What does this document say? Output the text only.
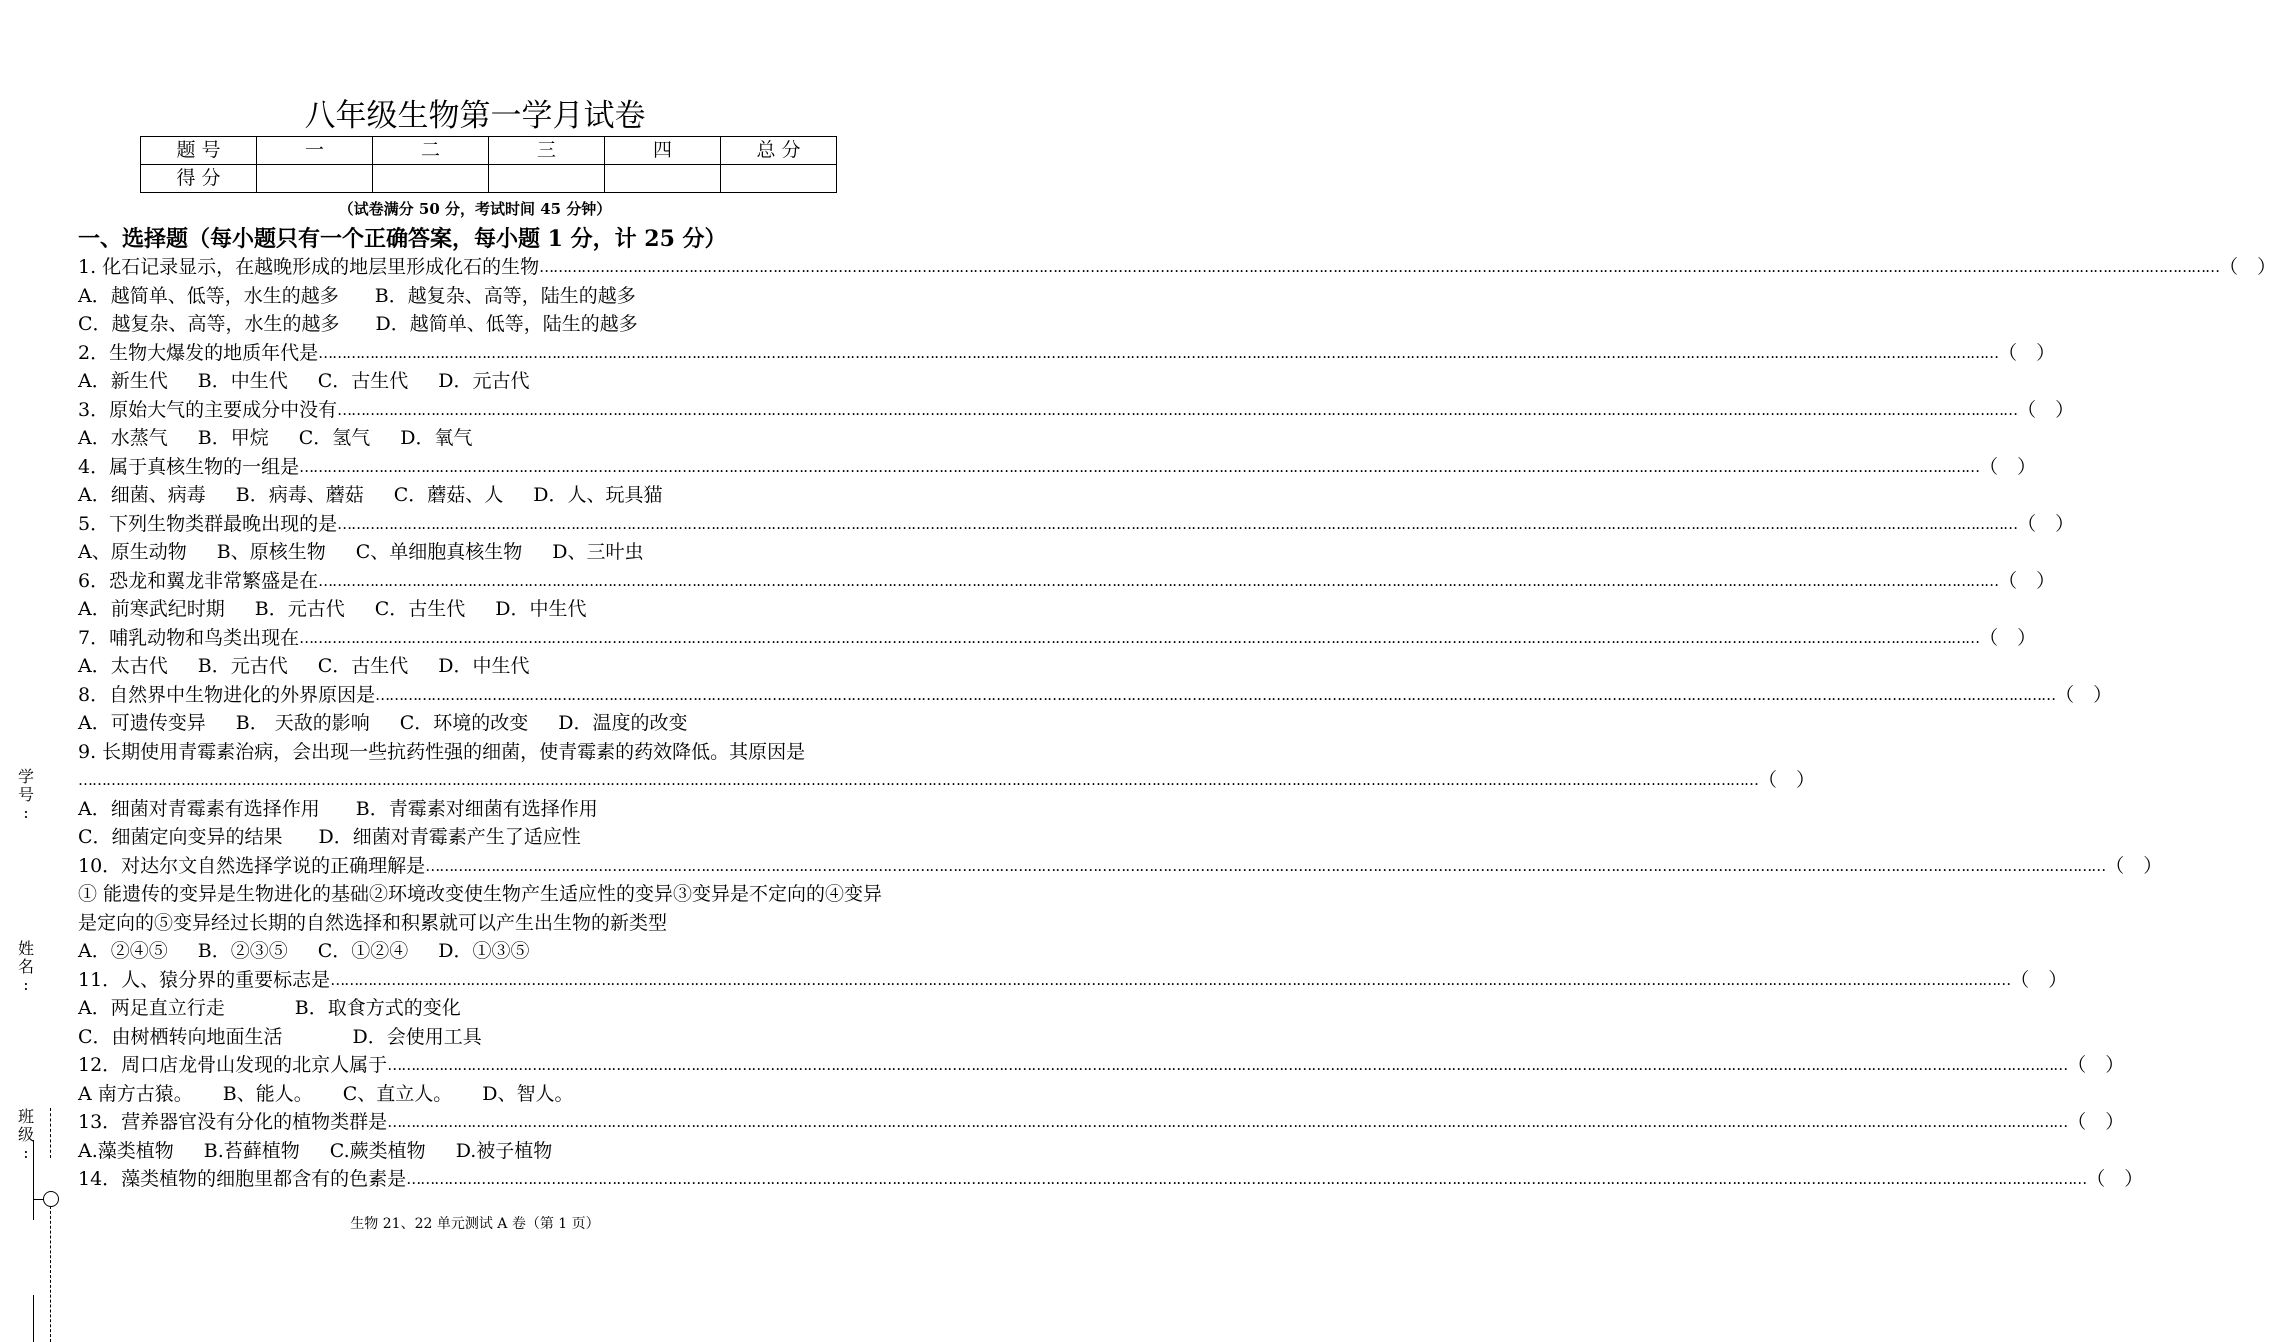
八年级生物第一学月试卷
题 号	一	二	三	四	总 分
得 分					
（试卷满分 50 分，考试时间 45 分钟）
一、选择题（每小题只有一个正确答案，每小题 1 分，计 25 分）
1. 化石记录显示，在越晚形成的地层里形成化石的生物 ……………………………………………………………………………………………………………………………………………………………………………………………………………………………………………………………………………………………………………………………… （　）
A．越简单、低等，水生的越多 B．越复杂、高等，陆生的越多
C．越复杂、高等，水生的越多 D．越简单、低等，陆生的越多
2．生物大爆发的地质年代是 ……………………………………………………………………………………………………………………………………………………………………………………………………………………………………………………………………………………………………………………………… （　）
A．新生代 B．中生代 C．古生代 D．元古代
3．原始大气的主要成分中没有 ……………………………………………………………………………………………………………………………………………………………………………………………………………………………………………………………………………………………………………………………… （　）
A．水蒸气 B．甲烷 C．氢气 D．氧气
4．属于真核生物的一组是 ……………………………………………………………………………………………………………………………………………………………………………………………………………………………………………………………………………………………………………………………… （　）
A．细菌、病毒 B．病毒、蘑菇 C．蘑菇、人 D．人、玩具猫
5．下列生物类群最晚出现的是 ……………………………………………………………………………………………………………………………………………………………………………………………………………………………………………………………………………………………………………………………… （　）
A、原生动物 B、原核生物 C、单细胞真核生物 D、三叶虫
6．恐龙和翼龙非常繁盛是在 ……………………………………………………………………………………………………………………………………………………………………………………………………………………………………………………………………………………………………………………………… （　）
A．前寒武纪时期 B．元古代 C．古生代 D．中生代
7．哺乳动物和鸟类出现在 ……………………………………………………………………………………………………………………………………………………………………………………………………………………………………………………………………………………………………………………………… （　）
A．太古代 B．元古代 C．古生代 D．中生代
8．自然界中生物进化的外界原因是 ……………………………………………………………………………………………………………………………………………………………………………………………………………………………………………………………………………………………………………………………… （　）
A．可遗传变异 B． 天敌的影响 C．环境的改变 D．温度的改变
9. 长期使用青霉素治病，会出现一些抗药性强的细菌，使青霉素的药效降低。其原因是
……………………………………………………………………………………………………………………………………………………………………………………………………………………………………………………………………………………………………………………………… （　）
A．细菌对青霉素有选择作用 B．青霉素对细菌有选择作用
C．细菌定向变异的结果 D．细菌对青霉素产生了适应性
10．对达尔文自然选择学说的正确理解是 ……………………………………………………………………………………………………………………………………………………………………………………………………………………………………………………………………………………………………………………………… （　）
① 能遗传的变异是生物进化的基础②环境改变使生物产生适应性的变异③变异是不定向的④变异是定向的⑤变异经过长期的自然选择和积累就可以产生出生物的新类型
A．②④⑤ B．②③⑤ C．①②④ D．①③⑤
11．人、猿分界的重要标志是 ……………………………………………………………………………………………………………………………………………………………………………………………………………………………………………………………………………………………………………………………… （　）
A．两足直立行走	B．取食方式的变化
C．由树栖转向地面生活	D．会使用工具
12．周口店龙骨山发现的北京人属于 ……………………………………………………………………………………………………………………………………………………………………………………………………………………………………………………………………………………………………………………………… （　）
A 南方古猿。 B、能人。 C、直立人。 D、智人。
13．营养器官没有分化的植物类群是 ……………………………………………………………………………………………………………………………………………………………………………………………………………………………………………………………………………………………………………………………… （　）
A.藻类植物 B.苔藓植物 C.蕨类植物 D.被子植物
14．藻类植物的细胞里都含有的色素是 ……………………………………………………………………………………………………………………………………………………………………………………………………………………………………………………………………………………………………………………………… （　）
生物 21、22 单元测试 A 卷（第 1 页）
学
号
:
姓
名
:
班
级
:
